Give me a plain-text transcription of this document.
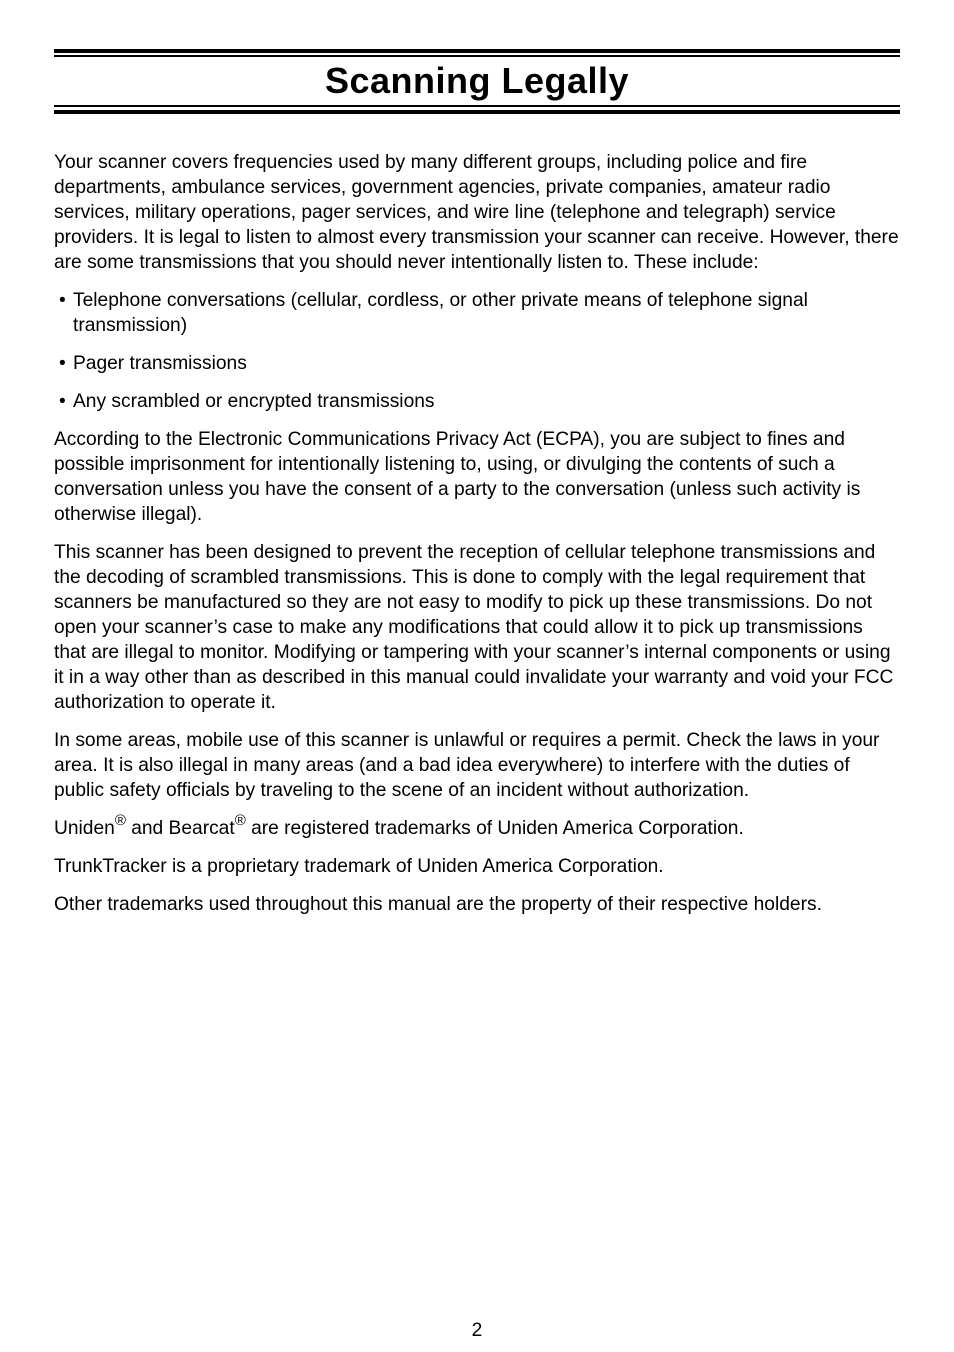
Scanning Legally

Your scanner covers frequencies used by many different groups, including police and fire departments, ambulance services, government agencies, private companies, amateur radio services, military operations, pager services, and wire line (telephone and telegraph) service providers. It is legal to listen to almost every transmission your scanner can receive. However, there are some transmissions that you should never intentionally listen to. These include:

• Telephone conversations (cellular, cordless, or other private means of telephone signal transmission)
• Pager transmissions
• Any scrambled or encrypted transmissions

According to the Electronic Communications Privacy Act (ECPA), you are subject to fines and possible imprisonment for intentionally listening to, using, or divulging the contents of such a conversation unless you have the consent of a party to the conversation (unless such activity is otherwise illegal).

This scanner has been designed to prevent the reception of cellular telephone transmissions and the decoding of scrambled transmissions. This is done to comply with the legal requirement that scanners be manufactured so they are not easy to modify to pick up these transmissions. Do not open your scanner’s case to make any modifications that could allow it to pick up transmissions that are illegal to monitor. Modifying or tampering with your scanner’s internal components or using it in a way other than as described in this manual could invalidate your warranty and void your FCC authorization to operate it.

In some areas, mobile use of this scanner is unlawful or requires a permit. Check the laws in your area. It is also illegal in many areas (and a bad idea everywhere) to interfere with the duties of public safety officials by traveling to the scene of an incident without authorization.

Uniden® and Bearcat® are registered trademarks of Uniden America Corporation.

TrunkTracker is a proprietary trademark of Uniden America Corporation.

Other trademarks used throughout this manual are the property of their respective holders.

2
